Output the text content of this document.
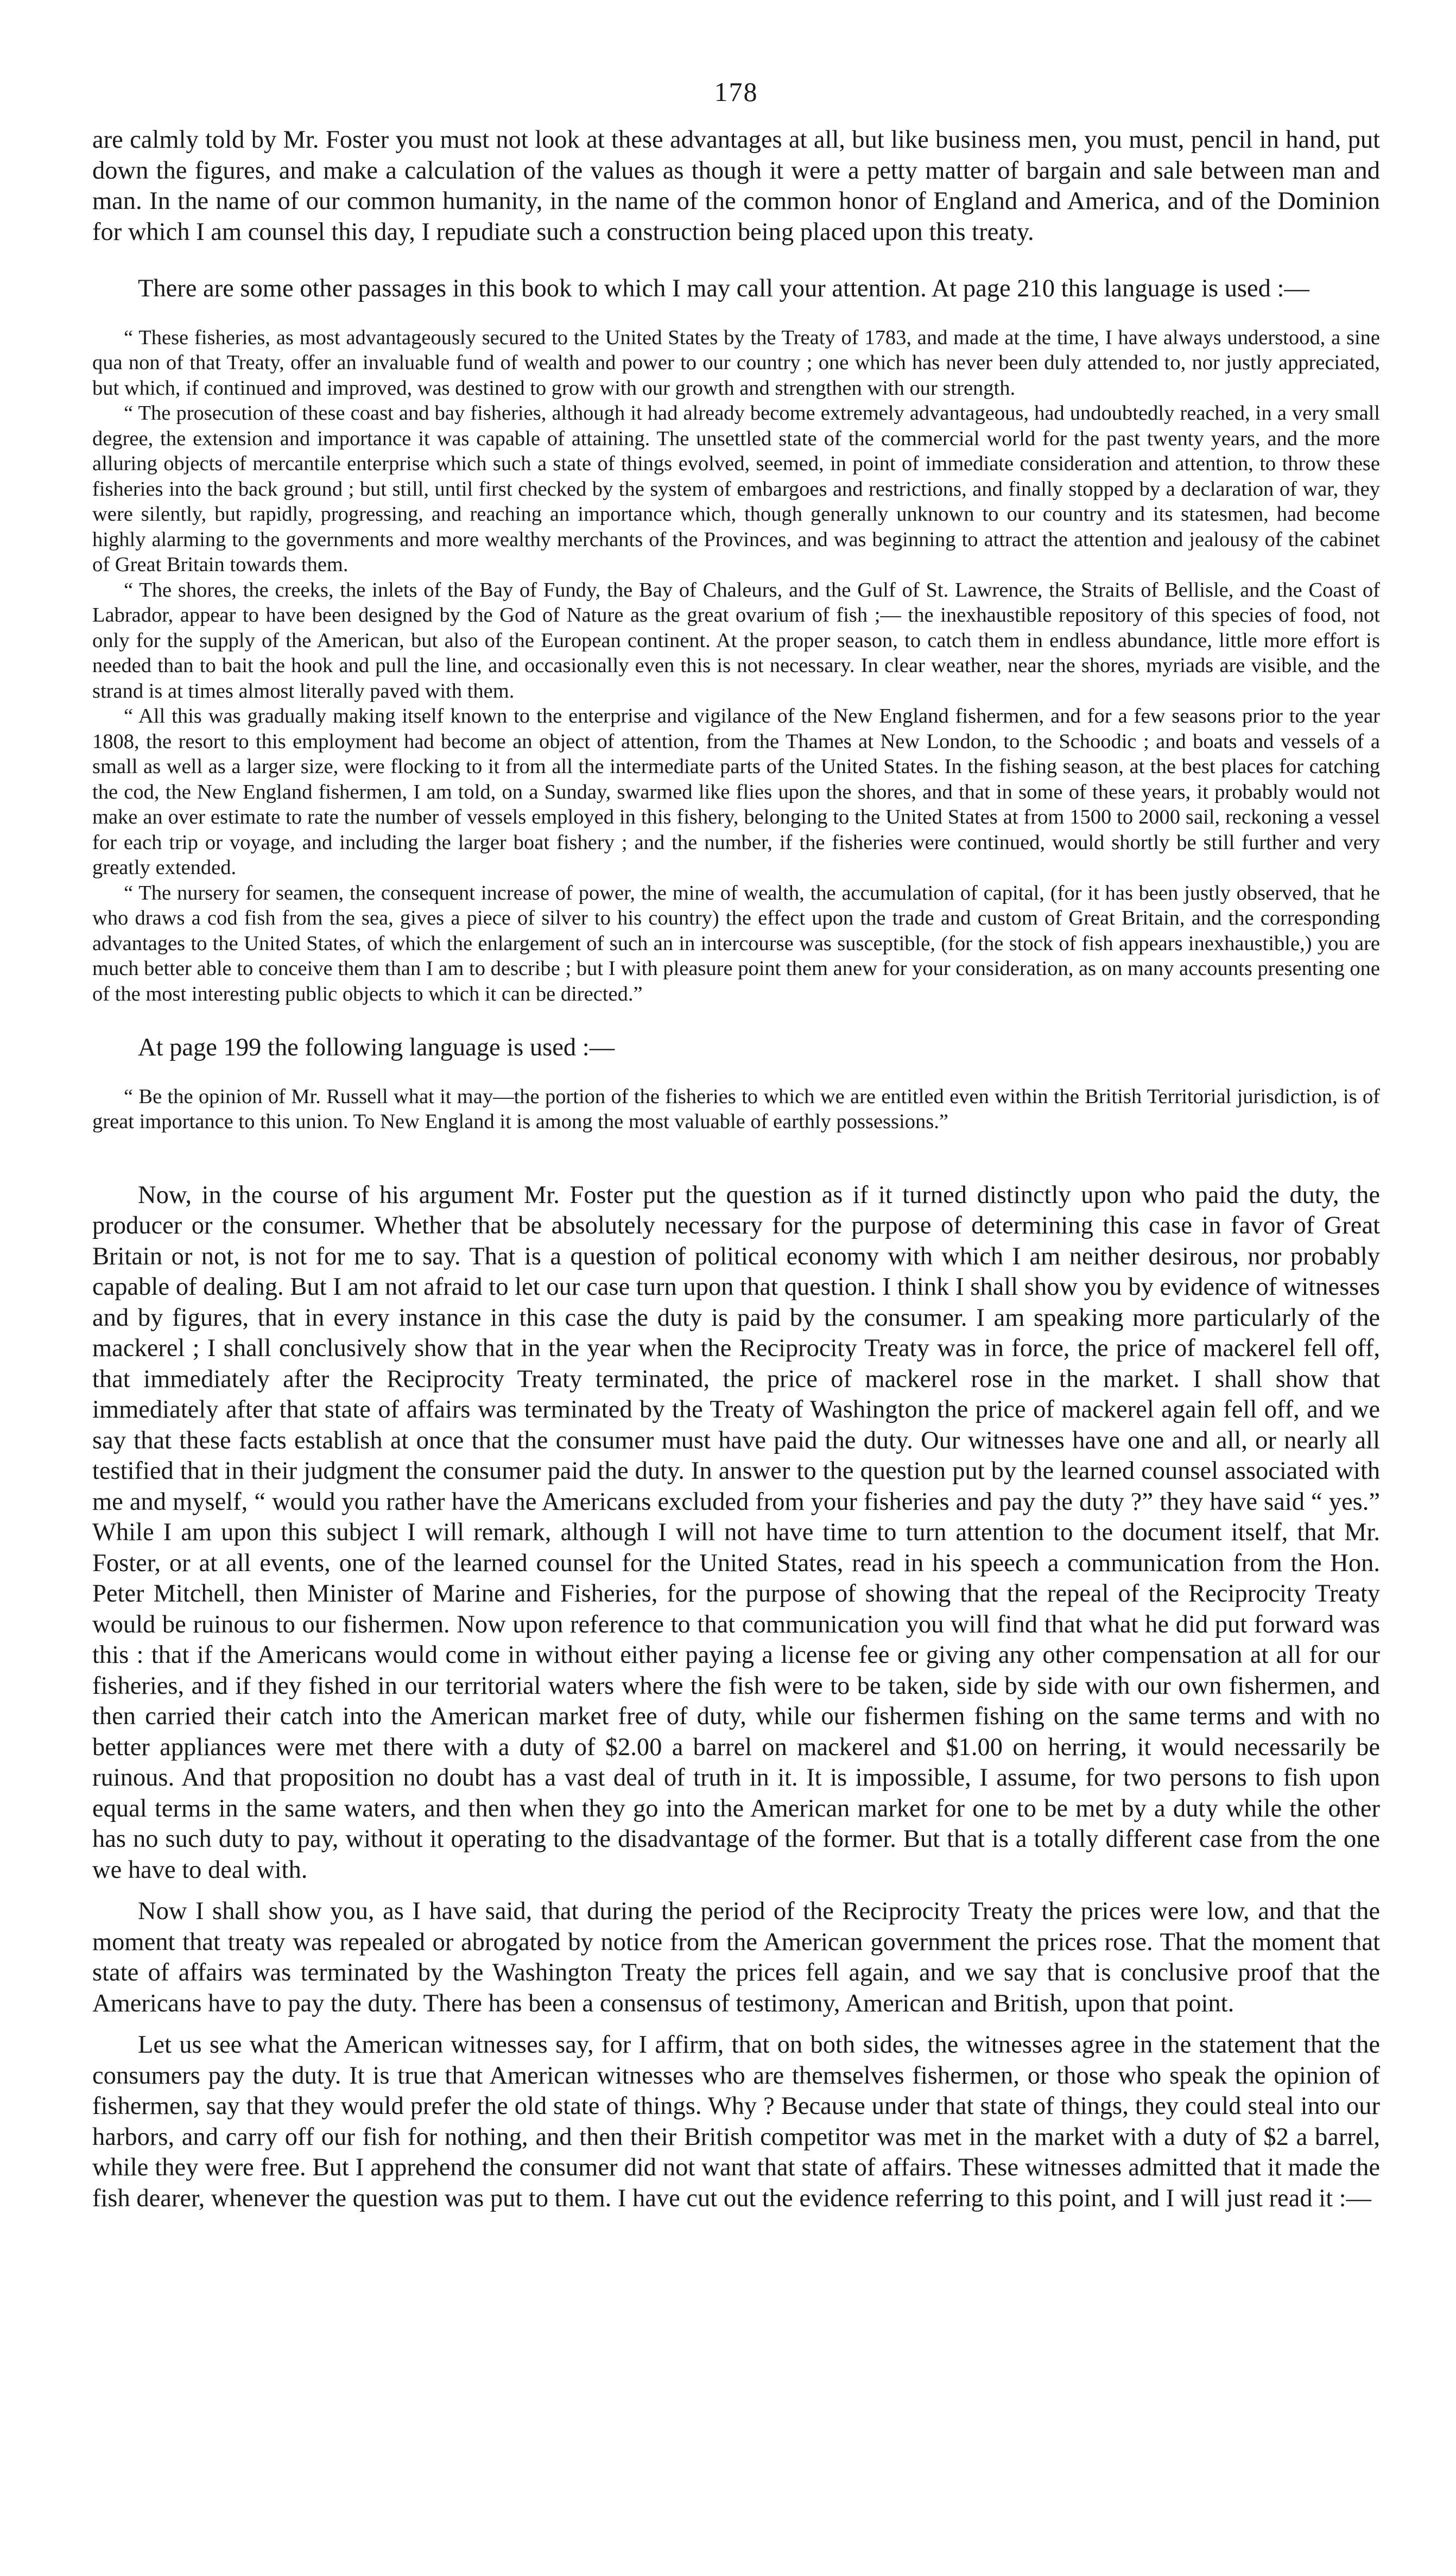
178

are calmly told by Mr. Foster you must not look at these advantages at all, but like business men, you must, pencil in hand, put down the figures, and make a calculation of the values as though it were a petty matter of bargain and sale between man and man. In the name of our common humanity, in the name of the common honor of England and America, and of the Dominion for which I am counsel this day, I repudiate such a construction being placed upon this treaty.

There are some other passages in this book to which I may call your attention. At page 210 this language is used :—

“ These fisheries, as most advantageously secured to the United States by the Treaty of 1783, and made at the time, I have always understood, a sine qua non of that Treaty, offer an invaluable fund of wealth and power to our country ; one which has never been duly attended to, nor justly appreciated, but which, if continued and improved, was destined to grow with our growth and strengthen with our strength.

“ The prosecution of these coast and bay fisheries, although it had already become extremely advantageous, had undoubtedly reached, in a very small degree, the extension and importance it was capable of attaining. The unsettled state of the commercial world for the past twenty years, and the more alluring objects of mercantile enterprise which such a state of things evolved, seemed, in point of immediate consideration and attention, to throw these fisheries into the back ground ; but still, until first checked by the system of embargoes and restrictions, and finally stopped by a declaration of war, they were silently, but rapidly, progressing, and reaching an importance which, though generally unknown to our country and its statesmen, had become highly alarming to the governments and more wealthy merchants of the Provinces, and was beginning to attract the attention and jealousy of the cabinet of Great Britain towards them.

“ The shores, the creeks, the inlets of the Bay of Fundy, the Bay of Chaleurs, and the Gulf of St. Lawrence, the Straits of Bellisle, and the Coast of Labrador, appear to have been designed by the God of Nature as the great ovarium of fish ;— the inexhaustible repository of this species of food, not only for the supply of the American, but also of the European continent. At the proper season, to catch them in endless abundance, little more effort is needed than to bait the hook and pull the line, and occasionally even this is not necessary. In clear weather, near the shores, myriads are visible, and the strand is at times almost literally paved with them.

“ All this was gradually making itself known to the enterprise and vigilance of the New England fishermen, and for a few seasons prior to the year 1808, the resort to this employment had become an object of attention, from the Thames at New London, to the Schoodic ; and boats and vessels of a small as well as a larger size, were flocking to it from all the intermediate parts of the United States. In the fishing season, at the best places for catching the cod, the New England fishermen, I am told, on a Sunday, swarmed like flies upon the shores, and that in some of these years, it probably would not make an over estimate to rate the number of vessels employed in this fishery, belonging to the United States at from 1500 to 2000 sail, reckoning a vessel for each trip or voyage, and including the larger boat fishery ; and the number, if the fisheries were continued, would shortly be still further and very greatly extended.

“ The nursery for seamen, the consequent increase of power, the mine of wealth, the accumulation of capital, (for it has been justly observed, that he who draws a cod fish from the sea, gives a piece of silver to his country) the effect upon the trade and custom of Great Britain, and the corresponding advantages to the United States, of which the enlargement of such an in intercourse was susceptible, (for the stock of fish appears inexhaustible,) you are much better able to conceive them than I am to describe ; but I with pleasure point them anew for your consideration, as on many accounts presenting one of the most interesting public objects to which it can be directed.”

At page 199 the following language is used :—

“ Be the opinion of Mr. Russell what it may—the portion of the fisheries to which we are entitled even within the British Territorial jurisdiction, is of great importance to this union. To New England it is among the most valuable of earthly possessions.”

Now, in the course of his argument Mr. Foster put the question as if it turned distinctly upon who paid the duty, the producer or the consumer. Whether that be absolutely necessary for the purpose of determining this case in favor of Great Britain or not, is not for me to say. That is a question of political economy with which I am neither desirous, nor probably capable of dealing. But I am not afraid to let our case turn upon that question. I think I shall show you by evidence of witnesses and by figures, that in every instance in this case the duty is paid by the consumer. I am speaking more particularly of the mackerel ; I shall conclusively show that in the year when the Reciprocity Treaty was in force, the price of mackerel fell off, that immediately after the Reciprocity Treaty terminated, the price of mackerel rose in the market. I shall show that immediately after that state of affairs was terminated by the Treaty of Washington the price of mackerel again fell off, and we say that these facts establish at once that the consumer must have paid the duty. Our witnesses have one and all, or nearly all testified that in their judgment the consumer paid the duty. In answer to the question put by the learned counsel associated with me and myself, “ would you rather have the Americans excluded from your fisheries and pay the duty ?” they have said “ yes.” While I am upon this subject I will remark, although I will not have time to turn attention to the document itself, that Mr. Foster, or at all events, one of the learned counsel for the United States, read in his speech a communication from the Hon. Peter Mitchell, then Minister of Marine and Fisheries, for the purpose of showing that the repeal of the Reciprocity Treaty would be ruinous to our fishermen. Now upon reference to that communication you will find that what he did put forward was this : that if the Americans would come in without either paying a license fee or giving any other compensation at all for our fisheries, and if they fished in our territorial waters where the fish were to be taken, side by side with our own fishermen, and then carried their catch into the American market free of duty, while our fishermen fishing on the same terms and with no better appliances were met there with a duty of $2.00 a barrel on mackerel and $1.00 on herring, it would necessarily be ruinous. And that proposition no doubt has a vast deal of truth in it. It is impossible, I assume, for two persons to fish upon equal terms in the same waters, and then when they go into the American market for one to be met by a duty while the other has no such duty to pay, without it operating to the disadvantage of the former. But that is a totally different case from the one we have to deal with.

Now I shall show you, as I have said, that during the period of the Reciprocity Treaty the prices were low, and that the moment that treaty was repealed or abrogated by notice from the American government the prices rose. That the moment that state of affairs was terminated by the Washington Treaty the prices fell again, and we say that is conclusive proof that the Americans have to pay the duty. There has been a consensus of testimony, American and British, upon that point.

Let us see what the American witnesses say, for I affirm, that on both sides, the witnesses agree in the statement that the consumers pay the duty. It is true that American witnesses who are themselves fishermen, or those who speak the opinion of fishermen, say that they would prefer the old state of things. Why ? Because under that state of things, they could steal into our harbors, and carry off our fish for nothing, and then their British competitor was met in the market with a duty of $2 a barrel, while they were free. But I apprehend the consumer did not want that state of affairs. These witnesses admitted that it made the fish dearer, whenever the question was put to them. I have cut out the evidence referring to this point, and I will just read it :—
